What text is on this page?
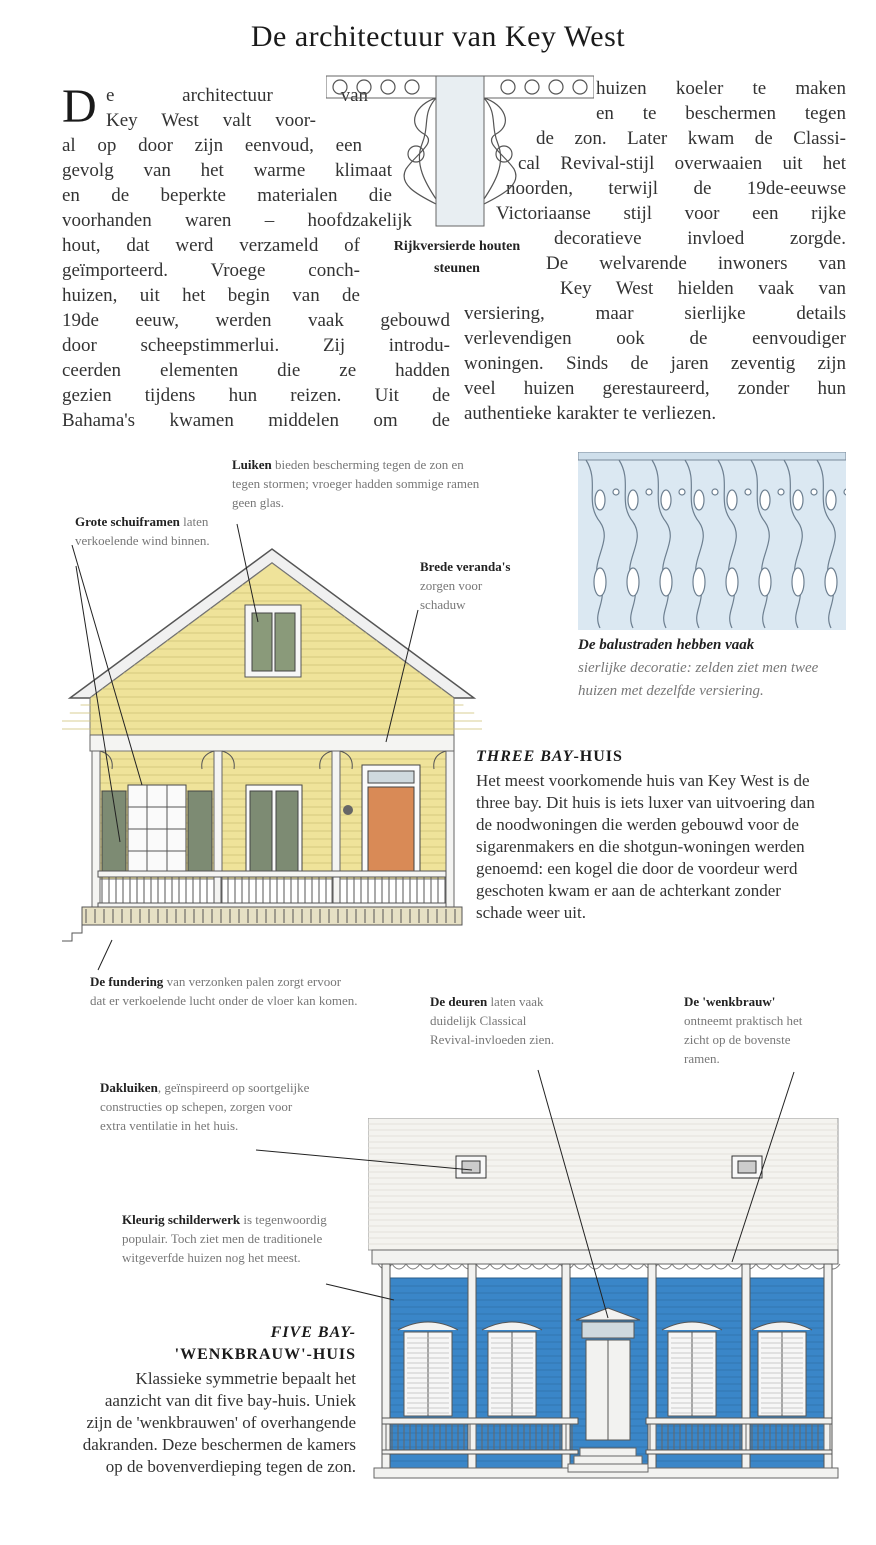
De architectuur van Key West
D e architectuur van
Key West valt voor-
al op door zijn eenvoud, een
gevolg van het warme klimaat
en de beperkte materialen die
voorhanden waren – hoofdzakelijk
hout, dat werd verzameld of
geïmporteerd. Vroege conch-
huizen, uit het begin van de
19de eeuw, werden vaak gebouwd
door scheepstimmerlui. Zij introdu-
ceerden elementen die ze hadden
gezien tijdens hun reizen. Uit de
Bahama's kwamen middelen om de
huizen koeler te maken
en te beschermen tegen
de zon. Later kwam de Classi-
cal Revival-stijl overwaaien uit het
noorden, terwijl de 19de-eeuwse
Victoriaanse stijl voor een rijke
decoratieve invloed zorgde.
De welvarende inwoners van
Key West hielden vaak van
versiering, maar sierlijke details
verlevendigen ook de eenvoudiger
woningen. Sinds de jaren zeventig zijn
veel huizen gerestaureerd, zonder hun
authentieke karakter te verliezen.
Rijkversierde houten steunen

De balustraden hebben vaak
sierlijke decoratie: zelden ziet men twee huizen met dezelfde versiering.

Luiken bieden bescherming tegen de zon en tegen stormen; vroeger hadden sommige ramen geen glas.

Grote schuiframen laten verkoelende wind binnen.

Brede veranda's zorgen voor schaduw

THREE BAY-HUIS
Het meest voorkomende huis van Key West is de three bay. Dit huis is iets luxer van uitvoering dan de noodwoningen die werden gebouwd voor de sigarenmakers en die shotgun-woningen werden genoemd: een kogel die door de voordeur werd geschoten kwam er aan de achterkant zonder schade weer uit.

De fundering van verzonken palen zorgt ervoor dat er verkoelende lucht onder de vloer kan komen.	De deuren laten vaak duidelijk Classical Revival-invloeden zien.

De 'wenkbrauw' ontneemt praktisch het zicht op de bovenste ramen.

Dakluiken, geïnspireerd op soortgelijke constructies op schepen, zorgen voor extra ventilatie in het huis.

Kleurig schilderwerk is tegenwoordig populair. Toch ziet men de traditionele witgeverfde huizen nog het meest.

FIVE BAY-
'WENKBRAUW'-HUIS
Klassieke symmetrie bepaalt het aanzicht van dit five bay-huis. Uniek zijn de 'wenkbrauwen' of overhangende dakranden. Deze beschermen de kamers op de bovenverdieping tegen de zon.
